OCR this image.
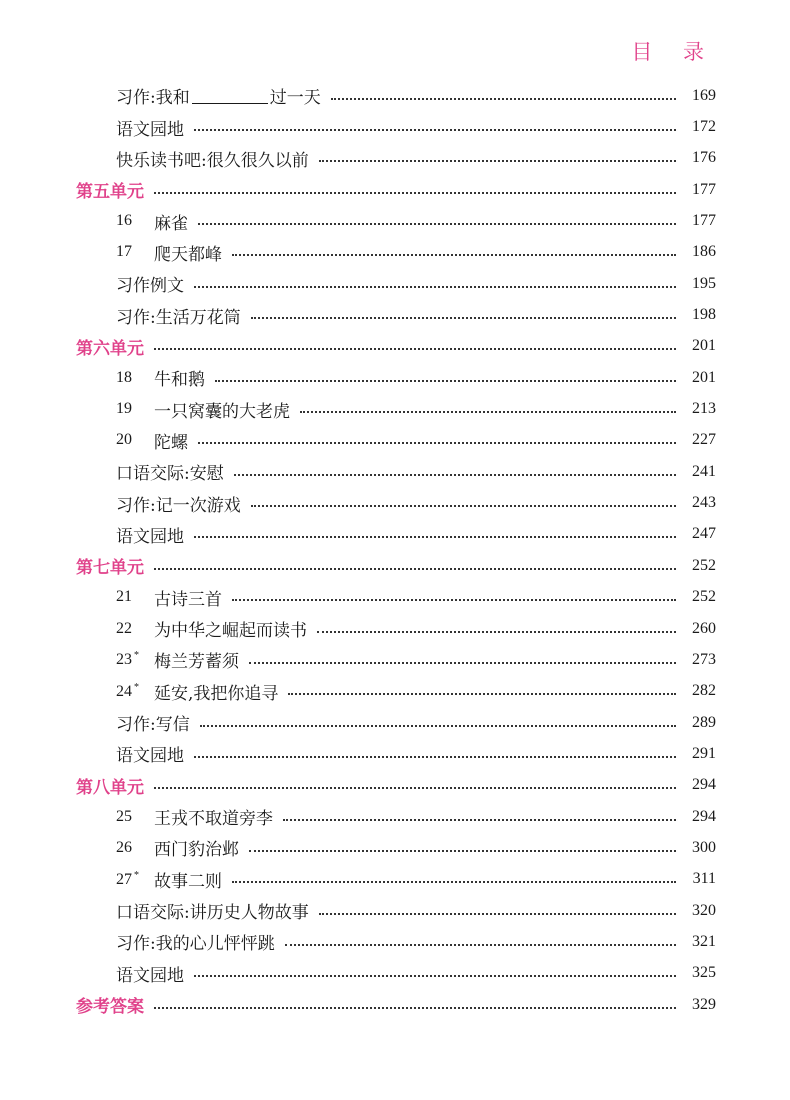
目 录
习作:我和	过一天	169
语文园地	172
快乐读书吧:很久很久以前	176
第五单元	177
16	麻雀	177
17	爬天都峰	186
习作例文	195
习作:生活万花筒	198
第六单元	201
18	牛和鹅	201
19	一只窝囊的大老虎	213
20	陀螺	227
口语交际:安慰	241
习作:记一次游戏	243
语文园地	247
第七单元	252
21	古诗三首	252
22	为中华之崛起而读书	260
23 * 梅兰芳蓄须	273
24 * 延安,我把你追寻	282
习作:写信	289
语文园地	291
第八单元	294
25	王戎不取道旁李	294
26	西门豹治邺	300
27 * 故事二则	311
口语交际:讲历史人物故事	320
习作:我的心儿怦怦跳	321
语文园地	325
参考答案	329
